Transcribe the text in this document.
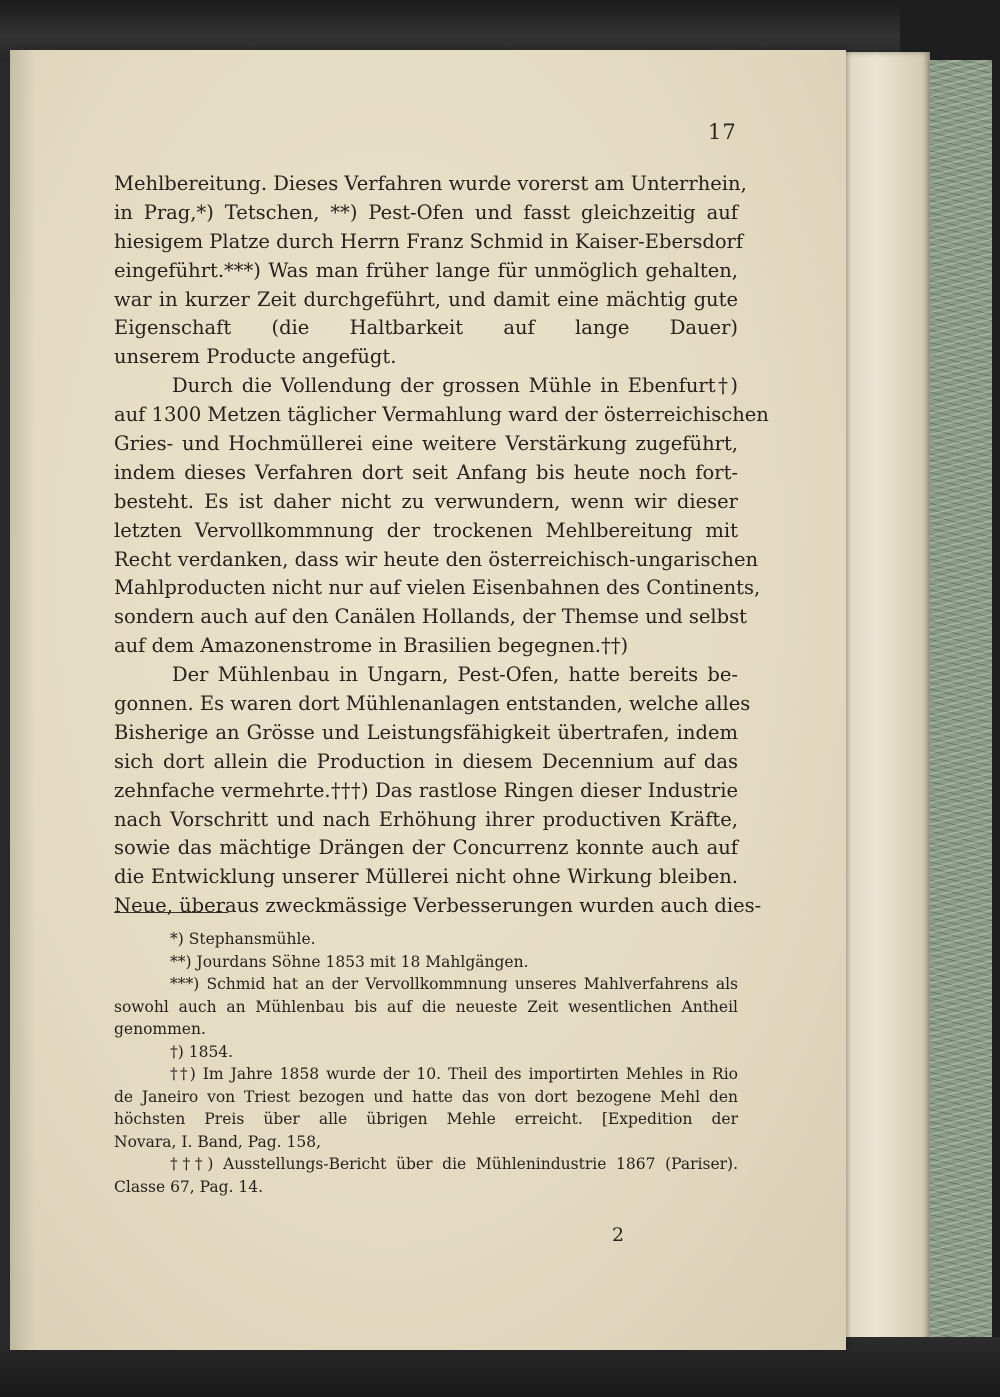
17
Mehlbereitung. Dieses Verfahren wurde vorerst am Unterrhein,
in Prag,*) Tetschen, **) Pest-Ofen und fasst gleichzeitig auf
hiesigem Platze durch Herrn Franz Schmid in Kaiser-Ebersdorf
eingeführt.***) Was man früher lange für unmöglich gehalten,
war in kurzer Zeit durchgeführt, und damit eine mächtig gute
Eigenschaft (die Haltbarkeit auf lange Dauer)
unserem Producte angefügt.
Durch die Vollendung der grossen Mühle in Ebenfurt†)
auf 1300 Metzen täglicher Vermahlung ward der österreichischen
Gries- und Hochmüllerei eine weitere Verstärkung zugeführt,
indem dieses Verfahren dort seit Anfang bis heute noch fort-
besteht. Es ist daher nicht zu verwundern, wenn wir dieser
letzten Vervollkommnung der trockenen Mehlbereitung mit
Recht verdanken, dass wir heute den österreichisch-ungarischen
Mahlproducten nicht nur auf vielen Eisenbahnen des Continents,
sondern auch auf den Canälen Hollands, der Themse und selbst
auf dem Amazonenstrome in Brasilien begegnen.††)
Der Mühlenbau in Ungarn, Pest-Ofen, hatte bereits be-
gonnen. Es waren dort Mühlenanlagen entstanden, welche alles
Bisherige an Grösse und Leistungsfähigkeit übertrafen, indem
sich dort allein die Production in diesem Decennium auf das
zehnfache vermehrte.†††) Das rastlose Ringen dieser Industrie
nach Vorschritt und nach Erhöhung ihrer productiven Kräfte,
sowie das mächtige Drängen der Concurrenz konnte auch auf
die Entwicklung unserer Müllerei nicht ohne Wirkung bleiben.
Neue, überaus zweckmässige Verbesserungen wurden auch dies-
*) Stephansmühle.
**) Jourdans Söhne 1853 mit 18 Mahlgängen.
***) Schmid hat an der Vervollkommnung unseres Mahlverfahrens als
sowohl auch an Mühlenbau bis auf die neueste Zeit wesentlichen Antheil
genommen.
†) 1854.
††) Im Jahre 1858 wurde der 10. Theil des importirten Mehles in Rio
de Janeiro von Triest bezogen und hatte das von dort bezogene Mehl den
höchsten Preis über alle übrigen Mehle erreicht. [Expedition der
Novara, I. Band, Pag. 158,
†††) Ausstellungs-Bericht über die Mühlenindustrie 1867 (Pariser).
Classe 67, Pag. 14.
2
